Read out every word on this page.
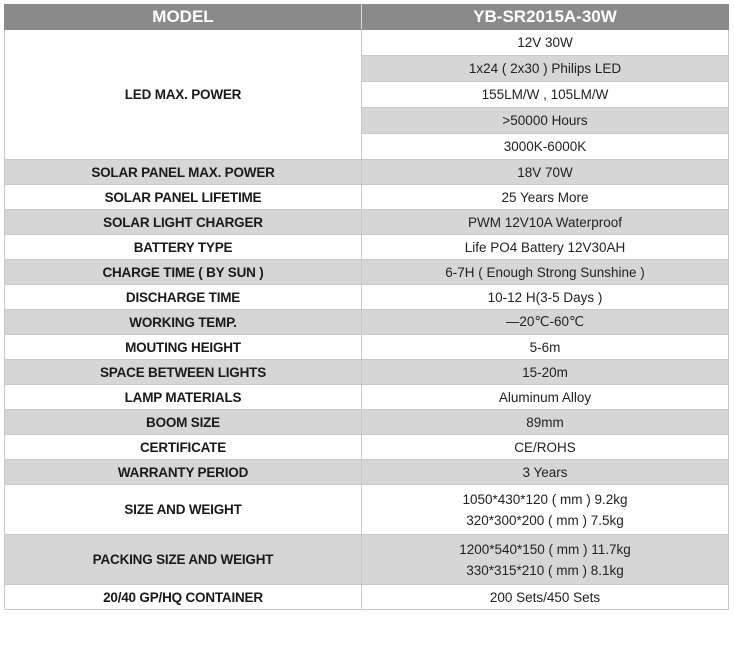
MODEL	YB-SR2015A-30W
LED MAX. POWER	12V 30W
	1x24 ( 2x30 ) Philips LED
	155LM/W , 105LM/W
	>50000 Hours
	3000K-6000K
SOLAR PANEL MAX. POWER	18V 70W
SOLAR PANEL LIFETIME	25 Years More
SOLAR LIGHT CHARGER	PWM 12V10A Waterproof
BATTERY TYPE	Life PO4 Battery 12V30AH
CHARGE TIME ( BY SUN )	6-7H ( Enough Strong Sunshine )
DISCHARGE TIME	10-12 H(3-5 Days )
WORKING TEMP.	—20℃-60℃
MOUTING HEIGHT	5-6m
SPACE BETWEEN LIGHTS	15-20m
LAMP MATERIALS	Aluminum Alloy
BOOM SIZE	89mm
CERTIFICATE	CE/ROHS
WARRANTY PERIOD	3 Years
SIZE AND WEIGHT	1050*430*120 ( mm ) 9.2kg
320*300*200 ( mm ) 7.5kg

PACKING SIZE AND WEIGHT	1200*540*150 ( mm ) 11.7kg
330*315*210 ( mm ) 8.1kg

20/40 GP/HQ CONTAINER	200 Sets/450 Sets
